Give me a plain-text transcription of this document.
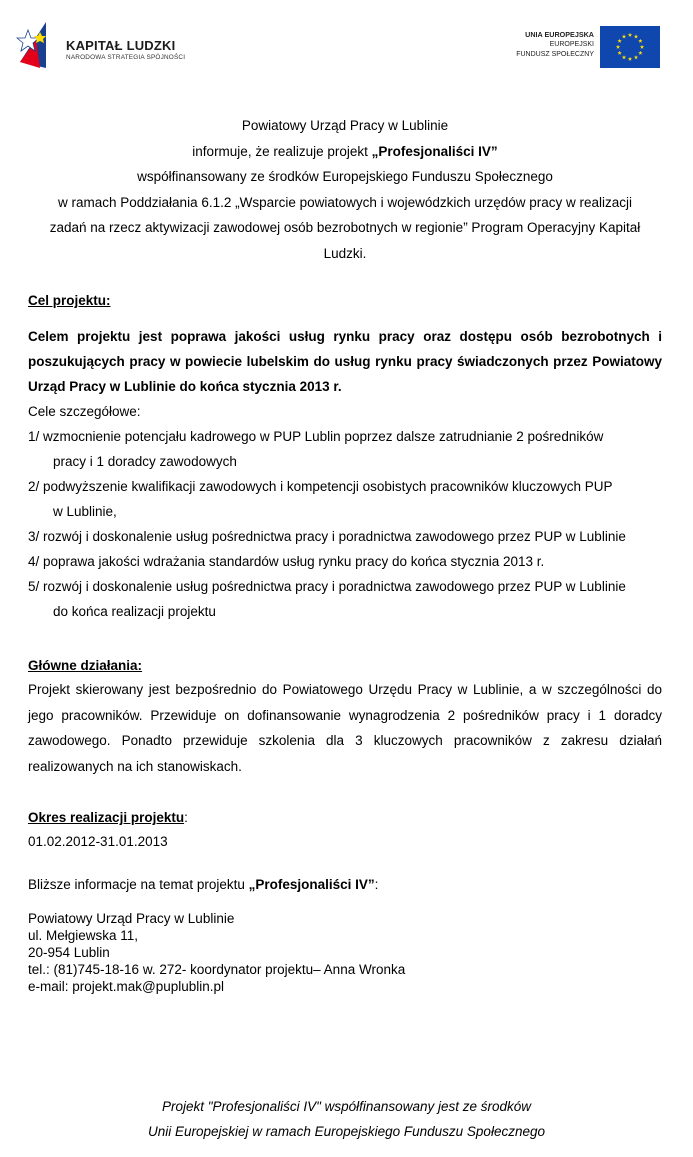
KAPITAŁ LUDZKI
NARODOWA STRATEGIA SPÓJNOŚCI
UNIA EUROPEJSKA
EUROPEJSKI
FUNDUSZ SPOŁECZNY
Powiatowy Urząd Pracy w Lublinie
informuje, że realizuje projekt „Profesjonaliści IV”
współfinansowany ze środków Europejskiego Funduszu Społecznego
w ramach Poddziałania 6.1.2 „Wsparcie powiatowych i wojewódzkich urzędów pracy w realizacji
zadań na rzecz aktywizacji zawodowej osób bezrobotnych w regionie” Program Operacyjny Kapitał
Ludzki.

Cel projektu:

Celem projektu jest poprawa jakości usług rynku pracy oraz dostępu osób bezrobotnych i poszukujących pracy w powiecie lubelskim do usług rynku pracy świadczonych przez Powiatowy Urząd Pracy w Lublinie do końca stycznia 2013 r.

Cele szczegółowe:

1/ wzmocnienie potencjału kadrowego w PUP Lublin poprzez dalsze zatrudnianie 2 pośredników
pracy i 1 doradcy zawodowych
2/ podwyższenie kwalifikacji zawodowych i kompetencji osobistych pracowników kluczowych PUP
w Lublinie,
3/ rozwój i doskonalenie usług pośrednictwa pracy i poradnictwa zawodowego przez PUP w Lublinie
4/ poprawa jakości wdrażania standardów usług rynku pracy do końca stycznia 2013 r.
5/ rozwój i doskonalenie usług pośrednictwa pracy i poradnictwa zawodowego przez PUP w Lublinie
do końca realizacji projektu

Główne działania:

Projekt skierowany jest bezpośrednio do Powiatowego Urzędu Pracy w Lublinie, a w szczególności do jego pracowników. Przewiduje on dofinansowanie wynagrodzenia 2 pośredników pracy i 1 doradcy zawodowego. Ponadto przewiduje szkolenia dla 3 kluczowych pracowników z zakresu działań realizowanych na ich stanowiskach.

Okres realizacji projektu:

01.02.2012-31.01.2013

Bliższe informacje na temat projektu „Profesjonaliści IV”:

Powiatowy Urząd Pracy w Lublinie
ul. Mełgiewska 11,
20-954 Lublin
tel.: (81)745-18-16 w. 272- koordynator projektu– Anna Wronka
e-mail: projekt.mak@puplublin.pl
Projekt "Profesjonaliści IV" współfinansowany jest ze środków
Unii Europejskiej w ramach Europejskiego Funduszu Społecznego
